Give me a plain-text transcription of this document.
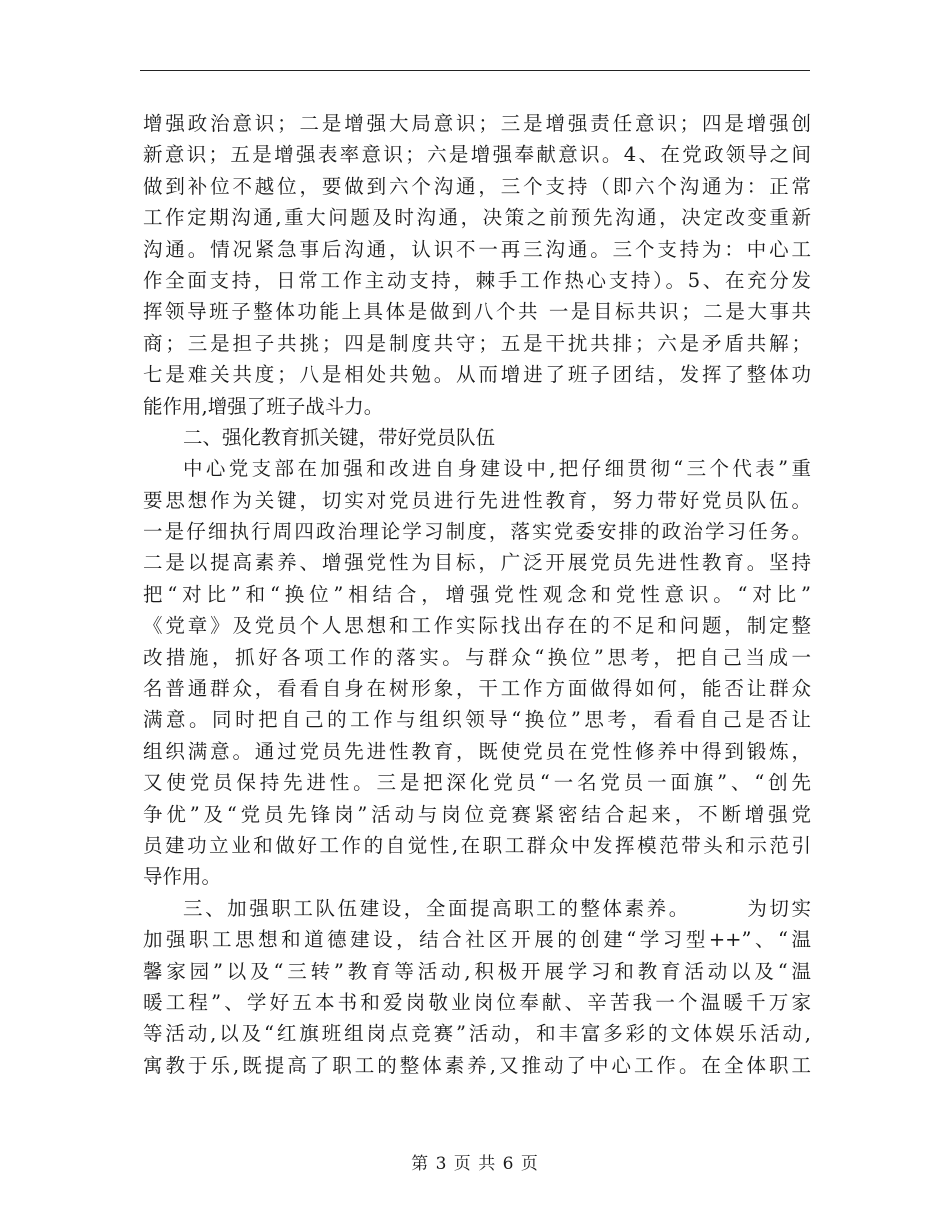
增强政治意识；二是增强大局意识；三是增强责任意识；四是增强创
新意识；五是增强表率意识；六是增强奉献意识。4、在党政领导之间
做到补位不越位，要做到六个沟通，三个支持（即六个沟通为：正常
工作定期沟通,重大问题及时沟通，决策之前预先沟通，决定改变重新
沟通。情况紧急事后沟通，认识不一再三沟通。三个支持为：中心工
作全面支持，日常工作主动支持，棘手工作热心支持）。5、在充分发
挥领导班子整体功能上具体是做到八个共 一是目标共识；二是大事共
商；三是担子共挑；四是制度共守；五是干扰共排；六是矛盾共解；
七是难关共度；八是相处共勉。从而增进了班子团结，发挥了整体功
能作用,增强了班子战斗力。
二、强化教育抓关键，带好党员队伍
中心党支部在加强和改进自身建设中,把仔细贯彻“三个代表”重
要思想作为关键，切实对党员进行先进性教育，努力带好党员队伍。
一是仔细执行周四政治理论学习制度，落实党委安排的政治学习任务。
二是以提高素养、增强党性为目标，广泛开展党员先进性教育。坚持
把“对比”和“换位”相结合，增强党性观念和党性意识。“对比”
《党章》及党员个人思想和工作实际找出存在的不足和问题，制定整
改措施，抓好各项工作的落实。与群众“换位”思考，把自己当成一
名普通群众，看看自身在树形象，干工作方面做得如何，能否让群众
满意。同时把自己的工作与组织领导“换位”思考，看看自己是否让
组织满意。通过党员先进性教育，既使党员在党性修养中得到锻炼，
又使党员保持先进性。三是把深化党员“一名党员一面旗”、“创先
争优”及“党员先锋岗”活动与岗位竞赛紧密结合起来，不断增强党
员建功立业和做好工作的自觉性,在职工群众中发挥模范带头和示范引
导作用。
三、加强职工队伍建设，全面提高职工的整体素养。　　　为切实
加强职工思想和道德建设，结合社区开展的创建“学习型++”、“温
馨家园”以及“三转”教育等活动,积极开展学习和教育活动以及“温
暖工程”、学好五本书和爱岗敬业岗位奉献、辛苦我一个温暖千万家
等活动,以及“红旗班组岗点竞赛”活动，和丰富多彩的文体娱乐活动,
寓教于乐,既提高了职工的整体素养,又推动了中心工作。在全体职工
第 3 页 共 6 页
